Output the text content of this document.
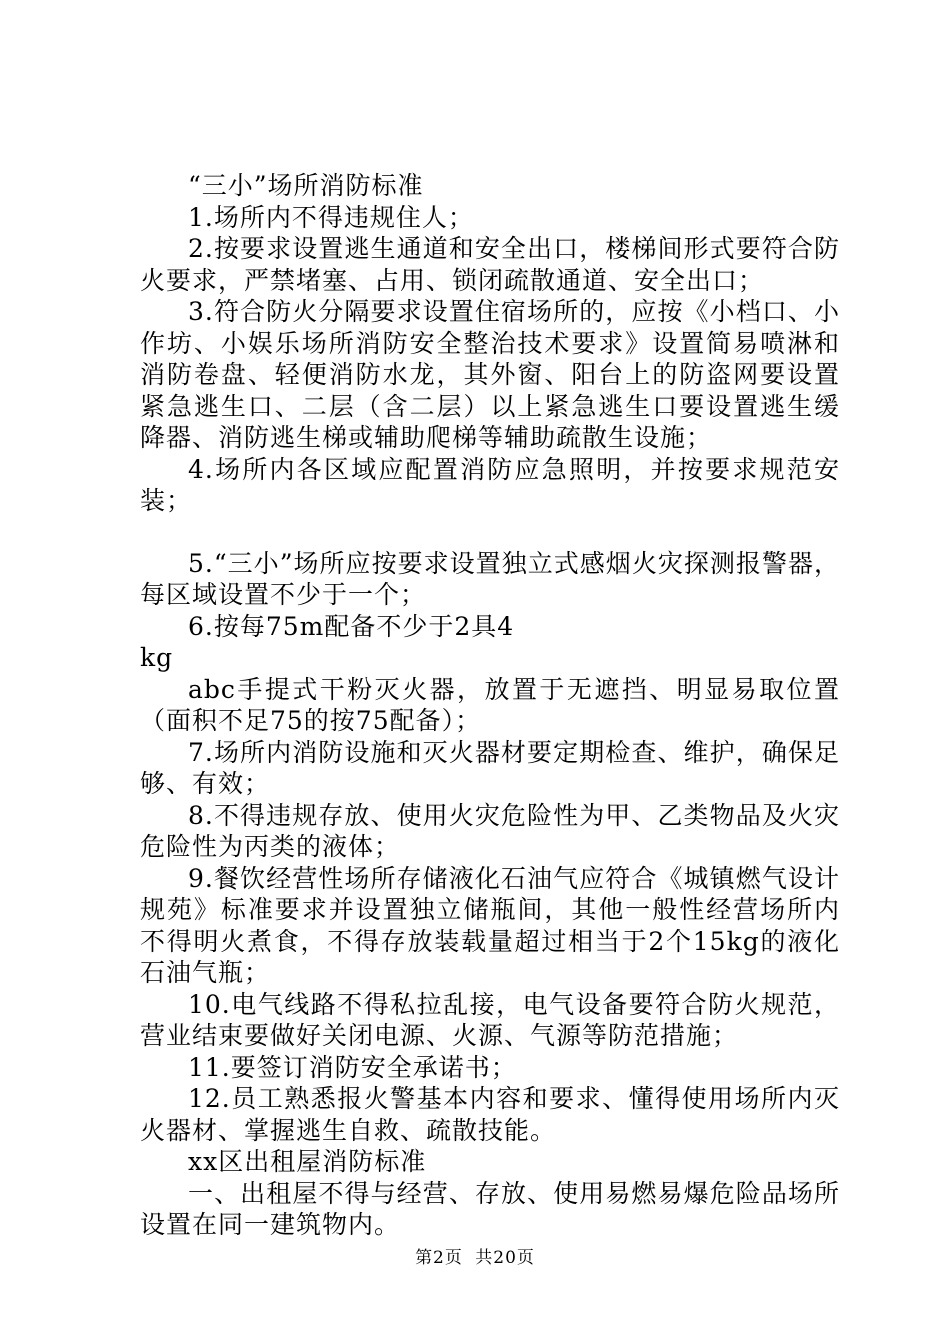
“三小”场所消防标准

1.场所内不得违规住人；

2.按要求设置逃生通道和安全出口，楼梯间形式要符合防火要求，严禁堵塞、占用、锁闭疏散通道、安全出口；

3.符合防火分隔要求设置住宿场所的，应按《小档口、小作坊、小娱乐场所消防安全整治技术要求》设置简易喷淋和消防卷盘、轻便消防水龙，其外窗、阳台上的防盗网要设置紧急逃生口、二层（含二层）以上紧急逃生口要设置逃生缓降器、消防逃生梯或辅助爬梯等辅助疏散生设施；

4.场所内各区域应配置消防应急照明，并按要求规范安装；

5.“三小”场所应按要求设置独立式感烟火灾探测报警器，每区域设置不少于一个；

6.按每75m配备不少于2具4

kg

abc手提式干粉灭火器，放置于无遮挡、明显易取位置（面积不足75的按75配备）；

7.场所内消防设施和灭火器材要定期检查、维护，确保足够、有效；

8.不得违规存放、使用火灾危险性为甲、乙类物品及火灾危险性为丙类的液体；

9.餐饮经营性场所存储液化石油气应符合《城镇燃气设计规苑》标准要求并设置独立储瓶间，其他一般性经营场所内不得明火煮食，不得存放装载量超过相当于2个15kg的液化石油气瓶；

10.电气线路不得私拉乱接，电气设备要符合防火规范，营业结束要做好关闭电源、火源、气源等防范措施；

11.要签订消防安全承诺书；

12.员工熟悉报火警基本内容和要求、懂得使用场所内灭火器材、掌握逃生自救、疏散技能。

xx区出租屋消防标准

一、出租屋不得与经营、存放、使用易燃易爆危险品场所设置在同一建筑物内。

第2页 共20页
